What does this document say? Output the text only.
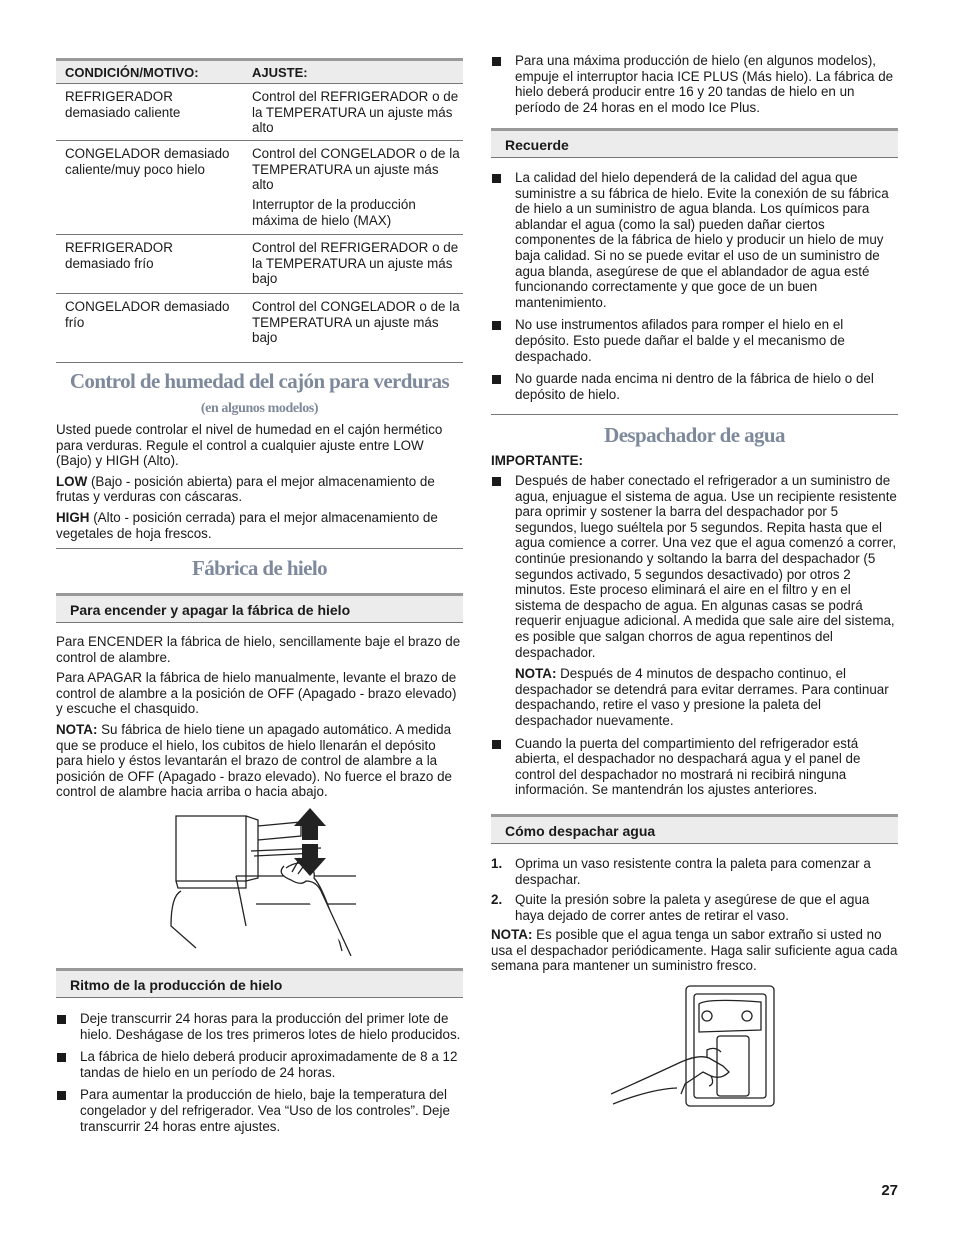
CONDICIÓN/MOTIVO:	AJUSTE:
REFRIGERADOR demasiado caliente
Control del REFRIGERADOR o de la TEMPERATURA un ajuste más alto
CONGELADOR demasiado caliente/muy poco hielo
Control del CONGELADOR o de la TEMPERATURA un ajuste más alto
Interruptor de la producción máxima de hielo (MAX)
REFRIGERADOR demasiado frío
Control del REFRIGERADOR o de la TEMPERATURA un ajuste más bajo
CONGELADOR demasiado frío
Control del CONGELADOR o de la TEMPERATURA un ajuste más bajo
Control de humedad del cajón para verduras
(en algunos modelos)

Usted puede controlar el nivel de humedad en el cajón hermético para verduras. Regule el control a cualquier ajuste entre LOW (Bajo) y HIGH (Alto).

LOW (Bajo - posición abierta) para el mejor almacenamiento de frutas y verduras con cáscaras.

HIGH (Alto - posición cerrada) para el mejor almacenamiento de vegetales de hoja frescos.

Fábrica de hielo
Para encender y apagar la fábrica de hielo

Para ENCENDER la fábrica de hielo, sencillamente baje el brazo de control de alambre.

Para APAGAR la fábrica de hielo manualmente, levante el brazo de control de alambre a la posición de OFF (Apagado - brazo elevado) y escuche el chasquido.

NOTA: Su fábrica de hielo tiene un apagado automático. A medida que se produce el hielo, los cubitos de hielo llenarán el depósito para hielo y éstos levantarán el brazo de control de alambre a la posición de OFF (Apagado - brazo elevado). No fuerce el brazo de control de alambre hacia arriba o hacia abajo.

Ritmo de la producción de hielo
Deje transcurrir 24 horas para la producción del primer lote de hielo. Deshágase de los tres primeros lotes de hielo producidos.
La fábrica de hielo deberá producir aproximadamente de 8 a 12 tandas de hielo en un período de 24 horas.
Para aumentar la producción de hielo, baje la temperatura del congelador y del refrigerador. Vea “Uso de los controles”. Deje transcurrir 24 horas entre ajustes.
Para una máxima producción de hielo (en algunos modelos), empuje el interruptor hacia ICE PLUS (Más hielo). La fábrica de hielo deberá producir entre 16 y 20 tandas de hielo en un período de 24 horas en el modo Ice Plus.
Recuerde
La calidad del hielo dependerá de la calidad del agua que suministre a su fábrica de hielo. Evite la conexión de su fábrica de hielo a un suministro de agua blanda. Los químicos para ablandar el agua (como la sal) pueden dañar ciertos componentes de la fábrica de hielo y producir un hielo de muy baja calidad. Si no se puede evitar el uso de un suministro de agua blanda, asegúrese de que el ablandador de agua esté funcionando correctamente y que goce de un buen mantenimiento.
No use instrumentos afilados para romper el hielo en el depósito. Esto puede dañar el balde y el mecanismo de despachado.
No guarde nada encima ni dentro de la fábrica de hielo o del depósito de hielo.
Despachador de agua
IMPORTANTE:
Después de haber conectado el refrigerador a un suministro de agua, enjuague el sistema de agua. Use un recipiente resistente para oprimir y sostener la barra del despachador por 5 segundos, luego suéltela por 5 segundos. Repita hasta que el agua comience a correr. Una vez que el agua comenzó a correr, continúe presionando y soltando la barra del despachador (5 segundos activado, 5 segundos desactivado) por otros 2 minutos. Este proceso eliminará el aire en el filtro y en el sistema de despacho de agua. En algunas casas se podrá requerir enjuague adicional. A medida que sale aire del sistema, es posible que salgan chorros de agua repentinos del despachador.
NOTA: Después de 4 minutos de despacho continuo, el despachador se detendrá para evitar derrames. Para continuar despachando, retire el vaso y presione la paleta del despachador nuevamente.
Cuando la puerta del compartimiento del refrigerador está abierta, el despachador no despachará agua y el panel de control del despachador no mostrará ni recibirá ninguna información. Se mantendrán los ajustes anteriores.
Cómo despachar agua
1. Oprima un vaso resistente contra la paleta para comenzar a despachar.
2. Quite la presión sobre la paleta y asegúrese de que el agua haya dejado de correr antes de retirar el vaso.
NOTA: Es posible que el agua tenga un sabor extraño si usted no usa el despachador periódicamente. Haga salir suficiente agua cada semana para mantener un suministro fresco.
27
